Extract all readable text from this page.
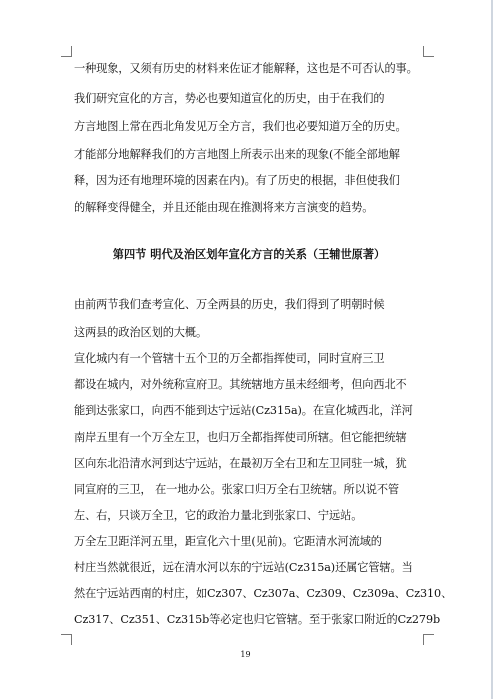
一种现象，又须有历史的材料来佐证才能解释，这也是不可否认的事。
我们研究宣化的方言，势必也要知道宣化的历史，由于在我们的
方言地图上常在西北角发见万全方言，我们也必要知道万全的历史。
才能部分地解释我们的方言地图上所表示出来的现象(不能全部地解
释，因为还有地理环境的因素在内)。有了历史的根据，非但使我们
的解释变得健全，并且还能由现在推测将来方言演变的趋势。
第四节 明代及治区划年宣化方言的关系（王辅世原著）
由前两节我们查考宣化、万全两县的历史，我们得到了明朝时候
这两县的政治区划的大概。
宣化城内有一个管辖十五个卫的万全都指挥使司，同时宣府三卫
都设在城内，对外统称宣府卫。其统辖地方虽未经细考，但向西北不
能到达张家口，向西不能到达宁远站(Cz315a)。在宣化城西北，洋河
南岸五里有一个万全左卫，也归万全都指挥使司所辖。但它能把统辖
区向东北沿清水河到达宁远站，在最初万全右卫和左卫同驻一城，犹
同宣府的三卫， 在一地办公。张家口归万全右卫统辖。所以说不管
左、右，只谈万全卫，它的政治力量北到张家口、宁远站。
万全左卫距洋河五里，距宣化六十里(见前)。它距清水河流域的
村庄当然就很近，远在清水河以东的宁远站(Cz315a)还属它管辖。当
然在宁远站西南的村庄，如Cz307、Cz307a、Cz309、Cz309a、Cz310、
Cz317、Cz351、Cz315b等必定也归它管辖。至于张家口附近的Cz279b
19
